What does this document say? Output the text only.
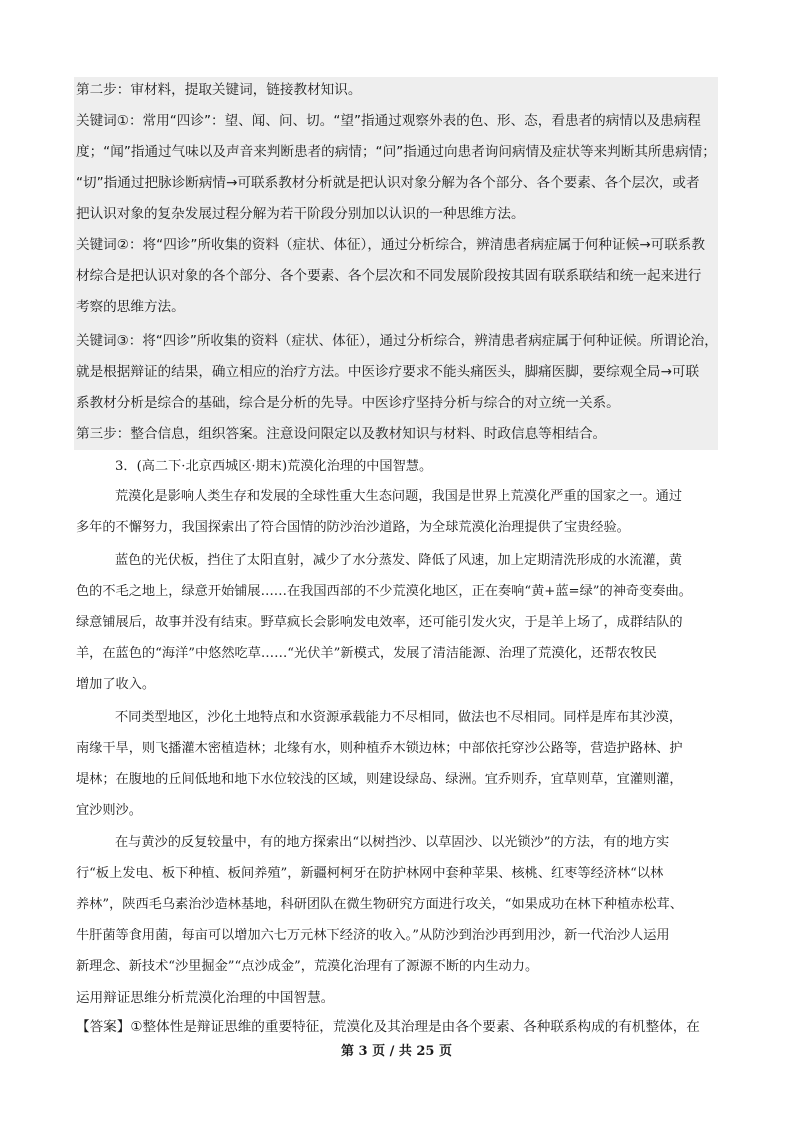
第二步：审材料，提取关键词，链接教材知识。
关键词①：常用“四诊”：望、闻、问、切。“望”指通过观察外表的色、形、态，看患者的病情以及患病程
度；“闻”指通过气味以及声音来判断患者的病情；“问”指通过向患者询问病情及症状等来判断其所患病情；
“切”指通过把脉诊断病情→可联系教材分析就是把认识对象分解为各个部分、各个要素、各个层次，或者
把认识对象的复杂发展过程分解为若干阶段分别加以认识的一种思维方法。
关键词②：将“四诊”所收集的资料（症状、体征），通过分析综合，辨清患者病症属于何种证候→可联系教
材综合是把认识对象的各个部分、各个要素、各个层次和不同发展阶段按其固有联系联结和统一起来进行
考察的思维方法。
关键词③：将“四诊”所收集的资料（症状、体征），通过分析综合，辨清患者病症属于何种证候。所谓论治，
就是根据辩证的结果，确立相应的治疗方法。中医诊疗要求不能头痛医头，脚痛医脚，要综观全局→可联
系教材分析是综合的基础，综合是分析的先导。中医诊疗坚持分析与综合的对立统一关系。
第三步：整合信息，组织答案。注意设问限定以及教材知识与材料、时政信息等相结合。
3．(高二下·北京西城区·期末)荒漠化治理的中国智慧。
荒漠化是影响人类生存和发展的全球性重大生态问题，我国是世界上荒漠化严重的国家之一。通过
多年的不懈努力，我国探索出了符合国情的防沙治沙道路，为全球荒漠化治理提供了宝贵经验。
蓝色的光伏板，挡住了太阳直射，减少了水分蒸发、降低了风速，加上定期清洗形成的水流灌，黄
色的不毛之地上，绿意开始铺展……在我国西部的不少荒漠化地区，正在奏响“黄+蓝=绿”的神奇变奏曲。
绿意铺展后，故事并没有结束。野草疯长会影响发电效率，还可能引发火灾，于是羊上场了，成群结队的
羊，在蓝色的“海洋”中悠然吃草……“光伏羊”新模式，发展了清洁能源、治理了荒漠化，还帮农牧民
增加了收入。
不同类型地区，沙化土地特点和水资源承载能力不尽相同，做法也不尽相同。同样是库布其沙漠，
南缘干旱，则飞播灌木密植造林；北缘有水，则种植乔木锁边林；中部依托穿沙公路等，营造护路林、护
堤林；在腹地的丘间低地和地下水位较浅的区域，则建设绿岛、绿洲。宜乔则乔，宜草则草，宜灌则灌，
宜沙则沙。
在与黄沙的反复较量中，有的地方探索出“以树挡沙、以草固沙、以光锁沙”的方法，有的地方实
行“板上发电、板下种植、板间养殖”，新疆柯柯牙在防护林网中套种苹果、核桃、红枣等经济林“以林
养林”，陕西毛乌素治沙造林基地，科研团队在微生物研究方面进行攻关，“如果成功在林下种植赤松茸、
牛肝菌等食用菌，每亩可以增加六七万元林下经济的收入。”从防沙到治沙再到用沙，新一代治沙人运用
新理念、新技术“沙里掘金”“点沙成金”，荒漠化治理有了源源不断的内生动力。
运用辩证思维分析荒漠化治理的中国智慧。
【答案】①整体性是辩证思维的重要特征，荒漠化及其治理是由各个要素、各种联系构成的有机整体，在
第 3 页 / 共 25 页
